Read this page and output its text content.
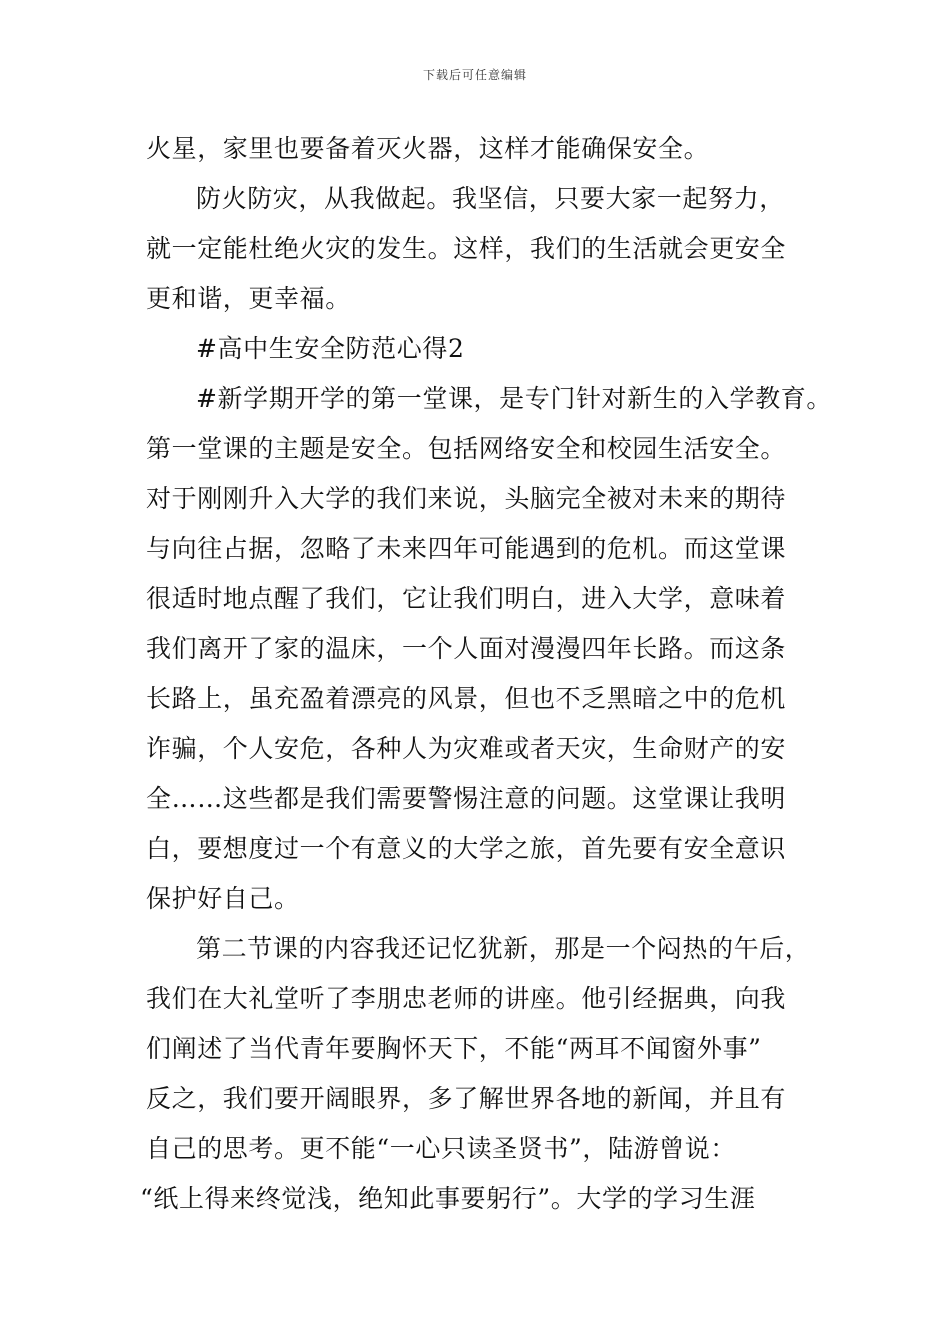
下载后可任意编辑
火星，家里也要备着灭火器，这样才能确保安全。
防火防灾，从我做起。我坚信，只要大家一起努力，
就一定能杜绝火灾的发生。这样，我们的生活就会更安全
更和谐，更幸福。
#高中生安全防范心得2
#新学期开学的第一堂课，是专门针对新生的入学教育。
第一堂课的主题是安全。包括网络安全和校园生活安全。
对于刚刚升入大学的我们来说，头脑完全被对未来的期待
与向往占据，忽略了未来四年可能遇到的危机。而这堂课
很适时地点醒了我们，它让我们明白，进入大学，意味着
我们离开了家的温床，一个人面对漫漫四年长路。而这条
长路上，虽充盈着漂亮的风景，但也不乏黑暗之中的危机
诈骗，个人安危，各种人为灾难或者天灾，生命财产的安
全……这些都是我们需要警惕注意的问题。这堂课让我明
白，要想度过一个有意义的大学之旅，首先要有安全意识
保护好自己。
第二节课的内容我还记忆犹新，那是一个闷热的午后，
我们在大礼堂听了李朋忠老师的讲座。他引经据典，向我
们阐述了当代青年要胸怀天下，不能“两耳不闻窗外事”
反之，我们要开阔眼界，多了解世界各地的新闻，并且有
自己的思考。更不能“一心只读圣贤书”，陆游曾说：
“纸上得来终觉浅，绝知此事要躬行”。大学的学习生涯
